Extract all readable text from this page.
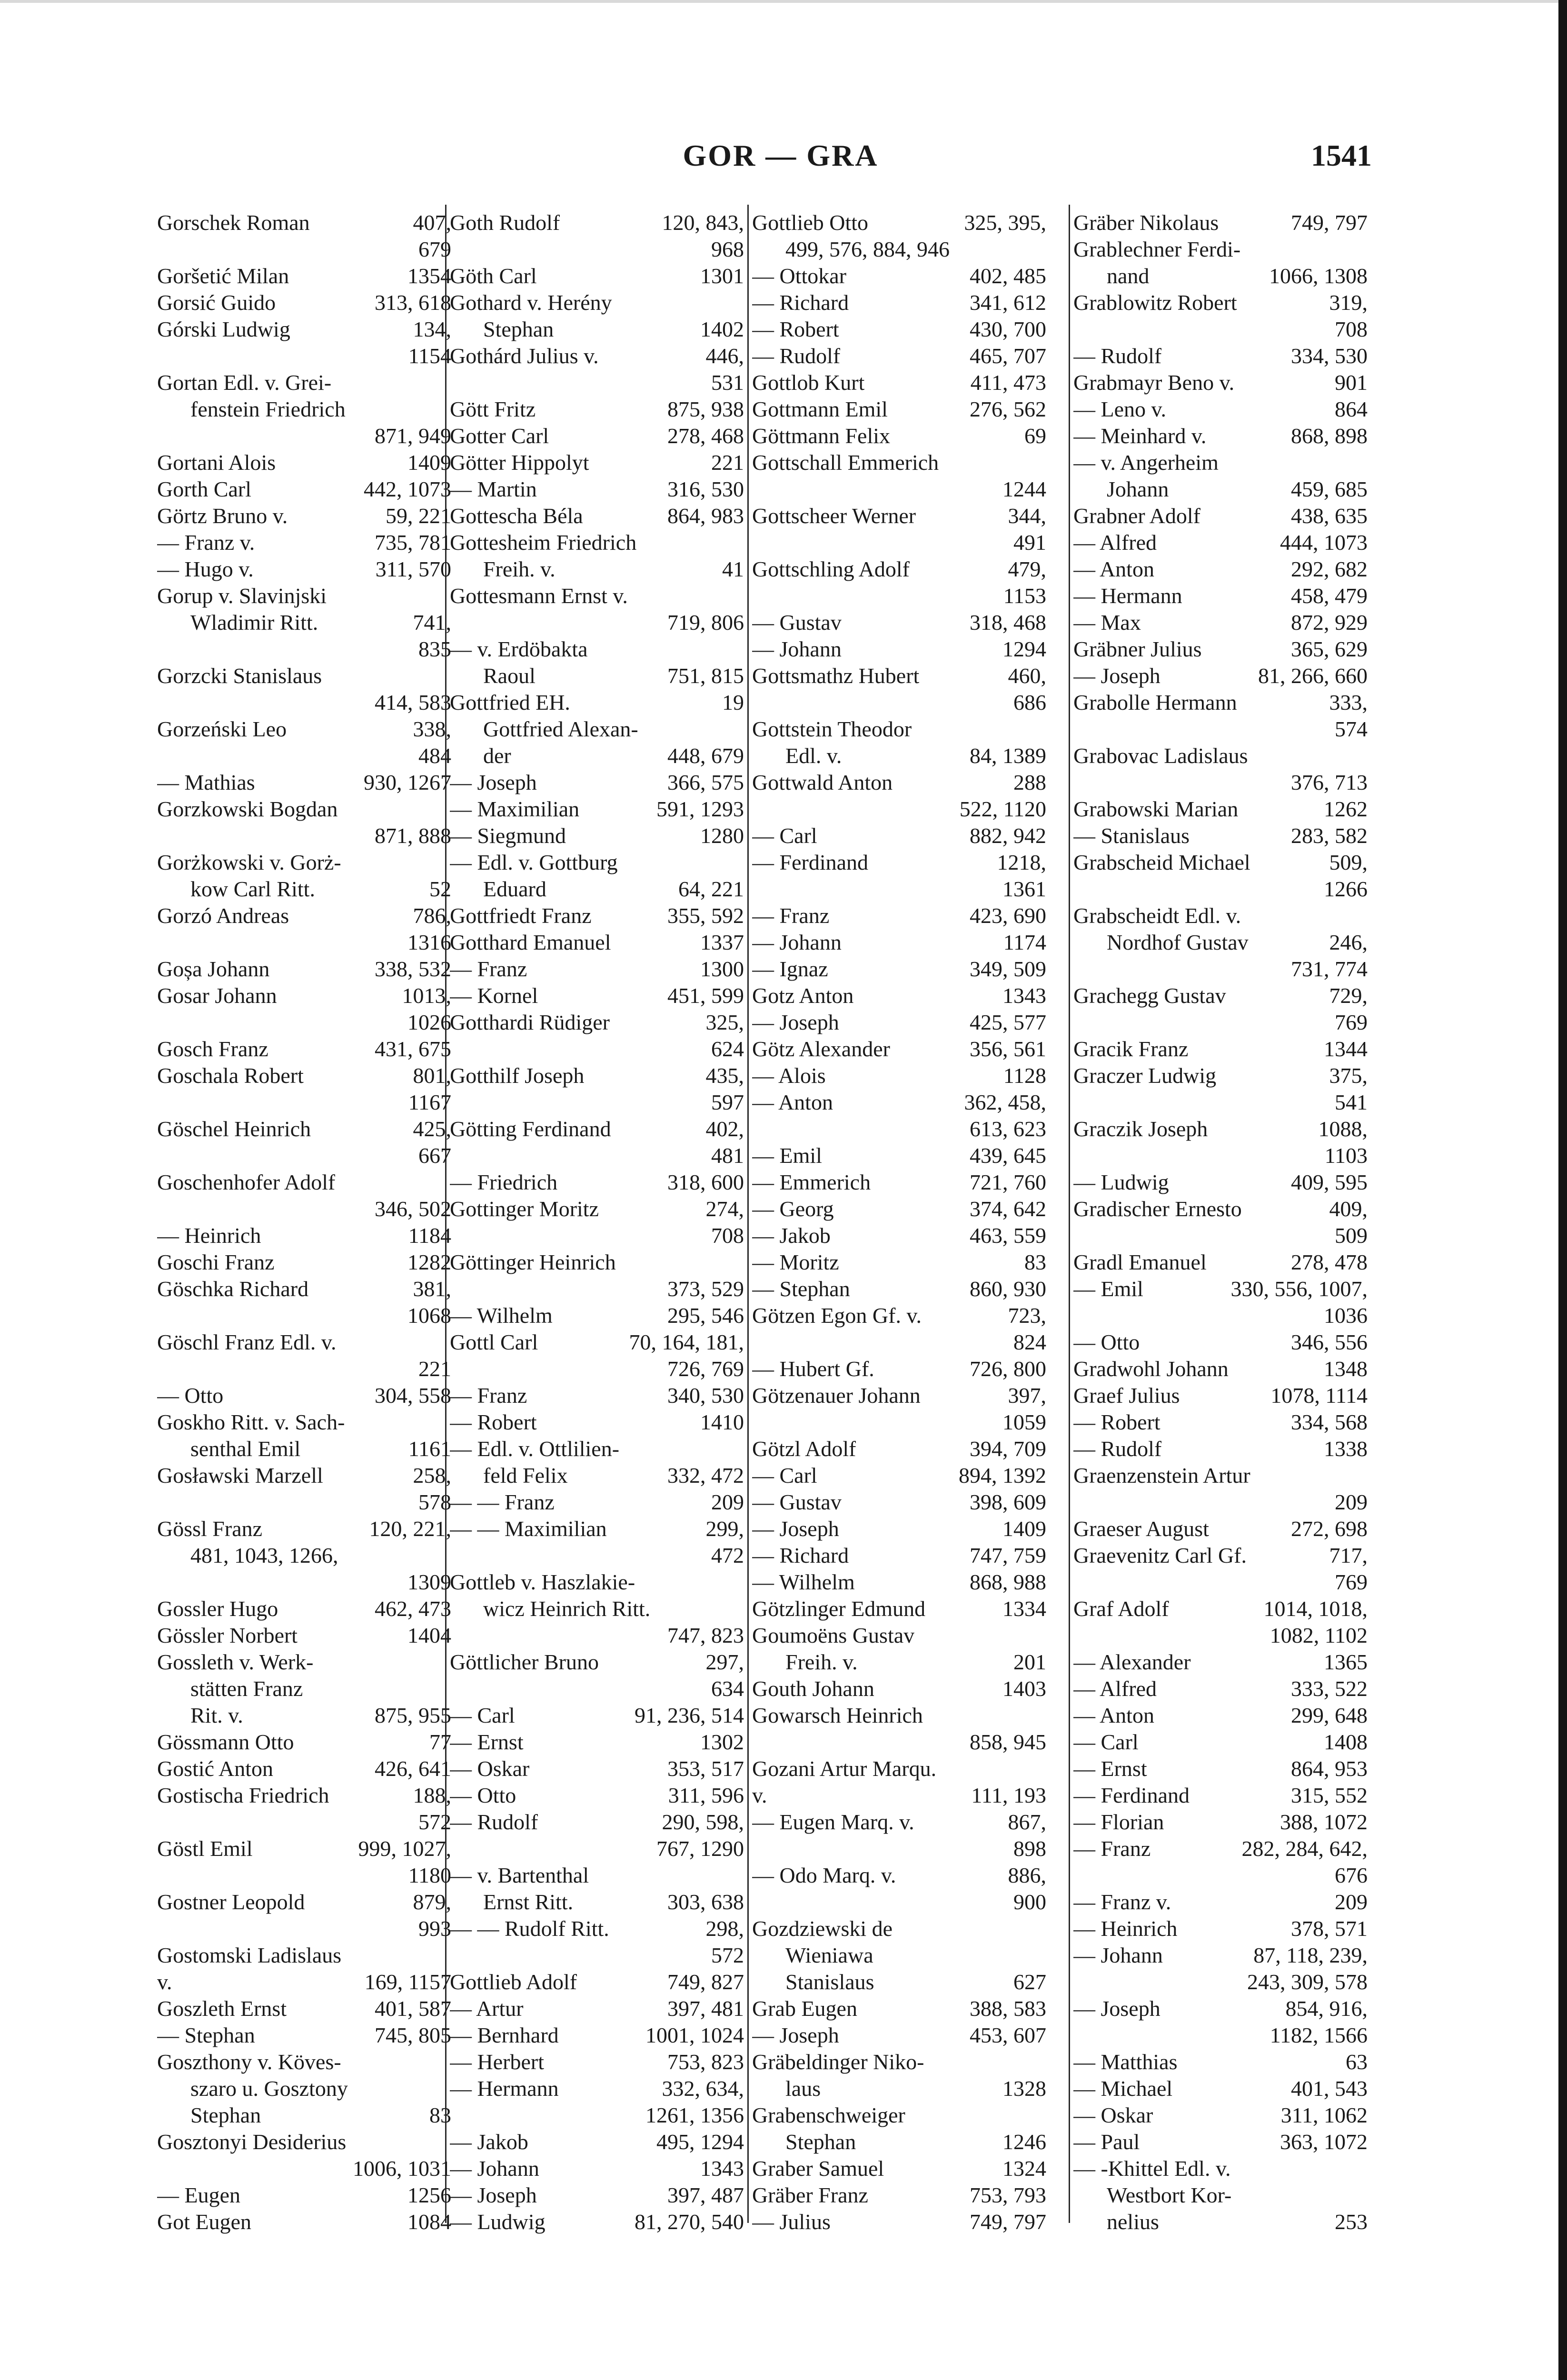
GOR — GRA	1541
Gorschek Roman	407,
679
Goršetić Milan	1354
Gorsić Guido	313, 618
Górski Ludwig	134,
1154
Gortan Edl. v. Grei-
fenstein Friedrich
871, 949
Gortani Alois	1409
Gorth Carl	442, 1073
Görtz Bruno v.	59, 221
— Franz v.	735, 781
— Hugo v.	311, 570
Gorup v. Slavinjski
Wladimir Ritt.	741,
835
Gorzcki Stanislaus
414, 583
Gorzeński Leo	338,
484
— Mathias	930, 1267
Gorzkowski Bogdan
871, 888
Gorżkowski v. Gorż-
kow Carl Ritt.	52
Gorzó Andreas	786,
1316
Goșa Johann	338, 532
Gosar Johann	1013,
1026
Gosch Franz	431, 675
Goschala Robert	801,
1167
Göschel Heinrich	425,
667
Goschenhofer Adolf
346, 502
— Heinrich	1184
Goschi Franz	1282
Göschka Richard	381,
1068
Göschl Franz Edl. v.
221
— Otto	304, 558
Goskho Ritt. v. Sach-
senthal Emil	1161
Gosławski Marzell	258,
578
Gössl Franz	120, 221,
481, 1043, 1266,
1309
Gossler Hugo	462, 473
Gössler Norbert	1404
Gossleth v. Werk-
stätten Franz
Rit. v.	875, 955
Gössmann Otto	77
Gostić Anton	426, 641
Gostischa Friedrich	188,
572
Göstl Emil	999, 1027,
1180
Gostner Leopold	879,
993
Gostomski Ladislaus
v.	169, 1157
Goszleth Ernst	401, 587
— Stephan	745, 805
Goszthony v. Köves-
szaro u. Gosztony
Stephan	83
Gosztonyi Desiderius
1006, 1031
— Eugen	1256
Got Eugen	1084
Goth Rudolf	120, 843,
968
Göth Carl	1301
Gothard v. Herény
Stephan	1402
Gothárd Julius v.	446,
531
Gött Fritz	875, 938
Gotter Carl	278, 468
Götter Hippolyt	221
— Martin	316, 530
Gottescha Béla	864, 983
Gottesheim Friedrich
Freih. v.	41
Gottesmann Ernst v.
719, 806
— v. Erdöbakta
Raoul	751, 815
Gottfried EH.	19
Gottfried Alexan-
der	448, 679
— Joseph	366, 575
— Maximilian	591, 1293
— Siegmund	1280
— Edl. v. Gottburg
Eduard	64, 221
Gottfriedt Franz	355, 592
Gotthard Emanuel	1337
— Franz	1300
— Kornel	451, 599
Gotthardi Rüdiger	325,
624
Gotthilf Joseph	435,
597
Götting Ferdinand	402,
481
— Friedrich	318, 600
Gottinger Moritz	274,
708
Göttinger Heinrich
373, 529
— Wilhelm	295, 546
Gottl Carl	70, 164, 181,
726, 769
— Franz	340, 530
— Robert	1410
— Edl. v. Ottlilien-
feld Felix	332, 472
— — Franz	209
— — Maximilian	299,
472
Gottleb v. Haszlakie-
wicz Heinrich Ritt.
747, 823
Göttlicher Bruno	297,
634
— Carl	91, 236, 514
— Ernst	1302
— Oskar	353, 517
— Otto	311, 596
— Rudolf	290, 598,
767, 1290
— v. Bartenthal
Ernst Ritt.	303, 638
— — Rudolf Ritt.	298,
572
Gottlieb Adolf	749, 827
— Artur	397, 481
— Bernhard	1001, 1024
— Herbert	753, 823
— Hermann	332, 634,
1261, 1356
— Jakob	495, 1294
— Johann	1343
— Joseph	397, 487
— Ludwig	81, 270, 540
Gottlieb Otto	325, 395,
499, 576, 884, 946
— Ottokar	402, 485
— Richard	341, 612
— Robert	430, 700
— Rudolf	465, 707
Gottlob Kurt	411, 473
Gottmann Emil	276, 562
Göttmann Felix	69
Gottschall Emmerich
1244
Gottscheer Werner	344,
491
Gottschling Adolf	479,
1153
— Gustav	318, 468
— Johann	1294
Gottsmathz Hubert	460,
686
Gottstein Theodor
Edl. v.	84, 1389
Gottwald Anton	288
522, 1120
— Carl	882, 942
— Ferdinand	1218,
1361
— Franz	423, 690
— Johann	1174
— Ignaz	349, 509
Gotz Anton	1343
— Joseph	425, 577
Götz Alexander	356, 561
— Alois	1128
— Anton	362, 458,
613, 623
— Emil	439, 645
— Emmerich	721, 760
— Georg	374, 642
— Jakob	463, 559
— Moritz	83
— Stephan	860, 930
Götzen Egon Gf. v.	723,
824
— Hubert Gf.	726, 800
Götzenauer Johann	397,
1059
Götzl Adolf	394, 709
— Carl	894, 1392
— Gustav	398, 609
— Joseph	1409
— Richard	747, 759
— Wilhelm	868, 988
Götzlinger Edmund	1334
Goumoëns Gustav
Freih. v.	201
Gouth Johann	1403
Gowarsch Heinrich
858, 945
Gozani Artur Marqu.
v.	111, 193
— Eugen Marq. v.	867,
898
— Odo Marq. v.	886,
900
Gozdziewski de
Wieniawa
Stanislaus	627
Grab Eugen	388, 583
— Joseph	453, 607
Gräbeldinger Niko-
laus	1328
Grabenschweiger
Stephan	1246
Graber Samuel	1324
Gräber Franz	753, 793
— Julius	749, 797
Gräber Nikolaus	749, 797
Grablechner Ferdi-
nand	1066, 1308
Grablowitz Robert	319,
708
— Rudolf	334, 530
Grabmayr Beno v.	901
— Leno v.	864
— Meinhard v.	868, 898
— v. Angerheim
Johann	459, 685
Grabner Adolf	438, 635
— Alfred	444, 1073
— Anton	292, 682
— Hermann	458, 479
— Max	872, 929
Gräbner Julius	365, 629
— Joseph	81, 266, 660
Grabolle Hermann	333,
574
Grabovac Ladislaus
376, 713
Grabowski Marian	1262
— Stanislaus	283, 582
Grabscheid Michael	509,
1266
Grabscheidt Edl. v.
Nordhof Gustav	246,
731, 774
Grachegg Gustav	729,
769
Gracik Franz	1344
Graczer Ludwig	375,
541
Graczik Joseph	1088,
1103
— Ludwig	409, 595
Gradischer Ernesto	409,
509
Gradl Emanuel	278, 478
— Emil	330, 556, 1007,
1036
— Otto	346, 556
Gradwohl Johann	1348
Graef Julius	1078, 1114
— Robert	334, 568
— Rudolf	1338
Graenzenstein Artur
209
Graeser August	272, 698
Graevenitz Carl Gf.	717,
769
Graf Adolf	1014, 1018,
1082, 1102
— Alexander	1365
— Alfred	333, 522
— Anton	299, 648
— Carl	1408
— Ernst	864, 953
— Ferdinand	315, 552
— Florian	388, 1072
— Franz	282, 284, 642,
676
— Franz v.	209
— Heinrich	378, 571
— Johann	87, 118, 239,
243, 309, 578
— Joseph	854, 916,
1182, 1566
— Matthias	63
— Michael	401, 543
— Oskar	311, 1062
— Paul	363, 1072
— -Khittel Edl. v.
Westbort Kor-
nelius	253
